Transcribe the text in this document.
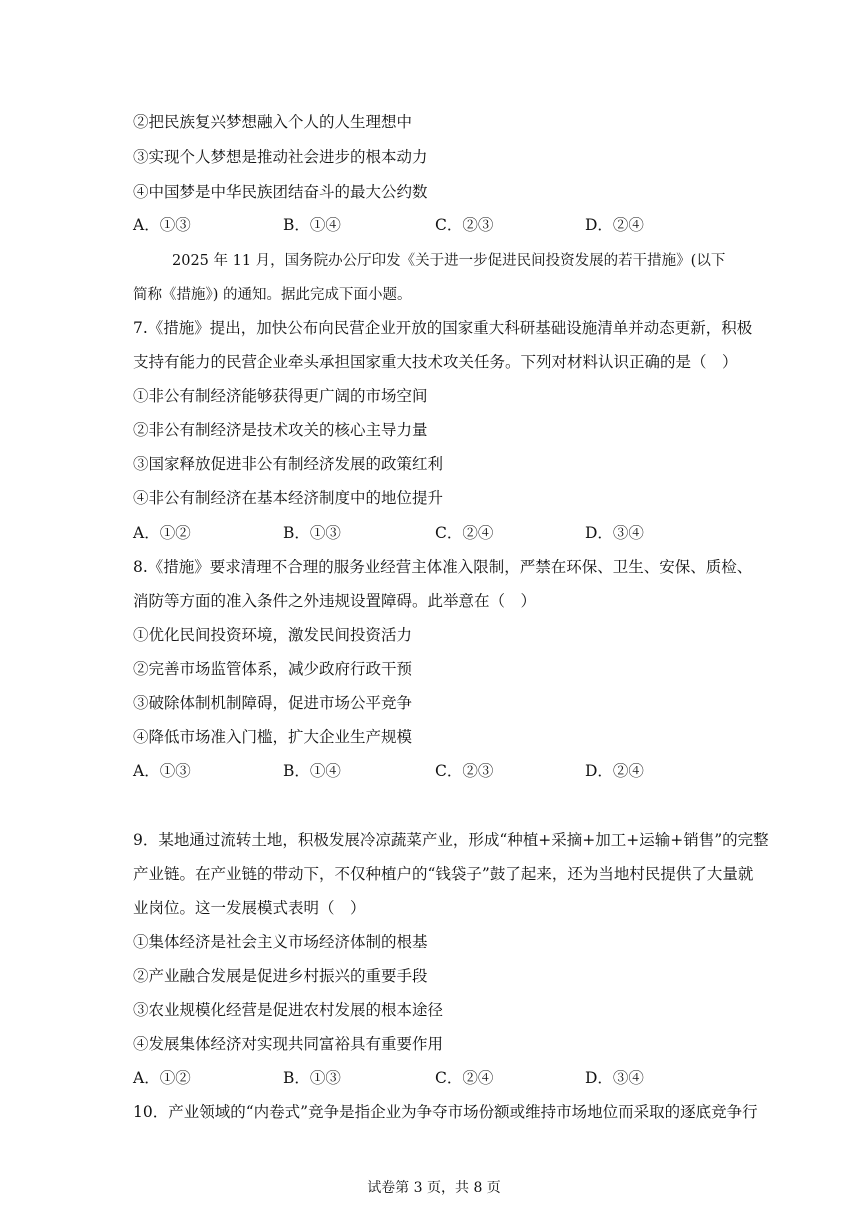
②把民族复兴梦想融入个人的人生理想中
③实现个人梦想是推动社会进步的根本动力
④中国梦是中华民族团结奋斗的最大公约数
A．①③	B．①④	C．②③	D．②④
2025 年 11 月，国务院办公厅印发《关于进一步促进民间投资发展的若干措施》(以下
简称《措施》) 的通知。据此完成下面小题。
7.《措施》提出，加快公布向民营企业开放的国家重大科研基础设施清单并动态更新，积极
支持有能力的民营企业牵头承担国家重大技术攻关任务。下列对材料认识正确的是（　）
①非公有制经济能够获得更广阔的市场空间
②非公有制经济是技术攻关的核心主导力量
③国家释放促进非公有制经济发展的政策红利
④非公有制经济在基本经济制度中的地位提升
A．①②	B．①③	C．②④	D．③④
8.《措施》要求清理不合理的服务业经营主体准入限制，严禁在环保、卫生、安保、质检、
消防等方面的准入条件之外违规设置障碍。此举意在（　）
①优化民间投资环境，激发民间投资活力
②完善市场监管体系，减少政府行政干预
③破除体制机制障碍，促进市场公平竞争
④降低市场准入门槛，扩大企业生产规模
A．①③	B．①④	C．②③	D．②④
9．某地通过流转土地，积极发展冷凉蔬菜产业，形成“种植+采摘+加工+运输+销售”的完整
产业链。在产业链的带动下，不仅种植户的“钱袋子”鼓了起来，还为当地村民提供了大量就
业岗位。这一发展模式表明（　）
①集体经济是社会主义市场经济体制的根基
②产业融合发展是促进乡村振兴的重要手段
③农业规模化经营是促进农村发展的根本途径
④发展集体经济对实现共同富裕具有重要作用
A．①②	B．①③	C．②④	D．③④
10．产业领域的“内卷式”竞争是指企业为争夺市场份额或维持市场地位而采取的逐底竞争行
试卷第 3 页，共 8 页
